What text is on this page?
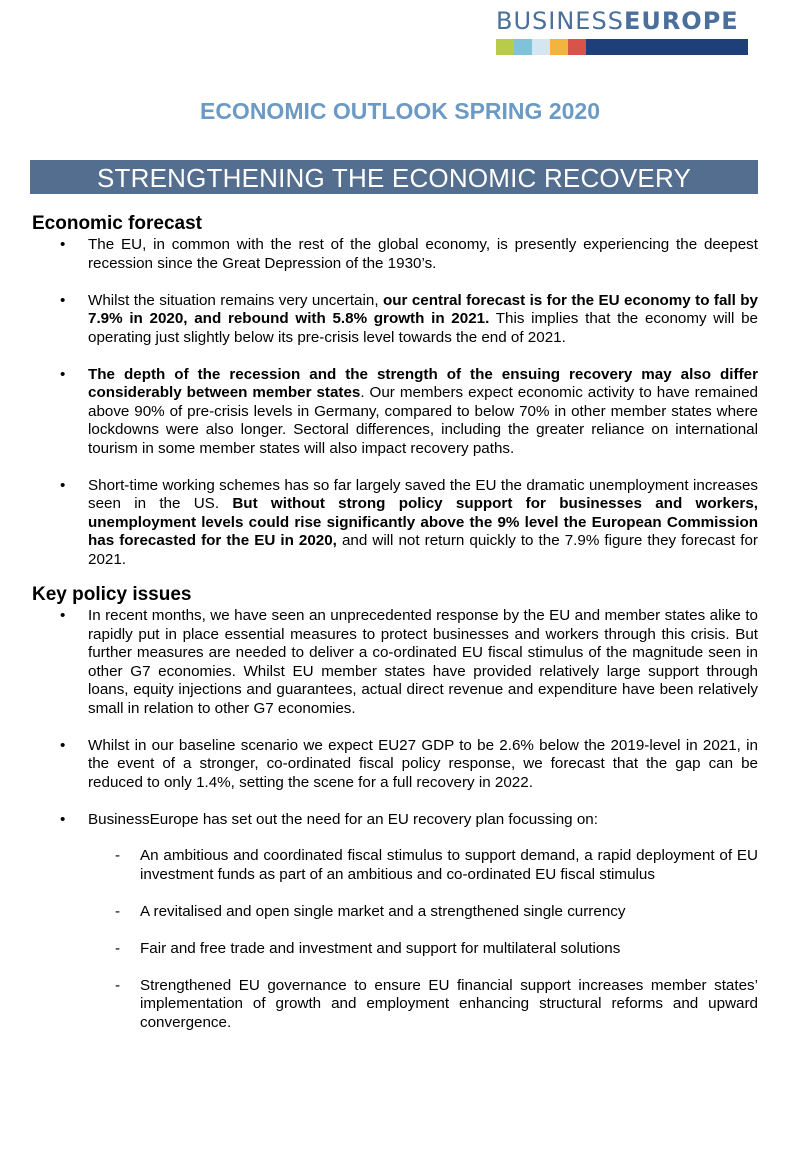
BUSINESSEUROPE
ECONOMIC OUTLOOK SPRING 2020
STRENGTHENING THE ECONOMIC RECOVERY
Economic forecast
• The EU, in common with the rest of the global economy, is presently experiencing the deepest recession since the Great Depression of the 1930’s.
• Whilst the situation remains very uncertain, our central forecast is for the EU economy to fall by 7.9% in 2020, and rebound with 5.8% growth in 2021. This implies that the economy will be operating just slightly below its pre-crisis level towards the end of 2021.
• The depth of the recession and the strength of the ensuing recovery may also differ considerably between member states. Our members expect economic activity to have remained above 90% of pre-crisis levels in Germany, compared to below 70% in other member states where lockdowns were also longer. Sectoral differences, including the greater reliance on international tourism in some member states will also impact recovery paths.
• Short-time working schemes has so far largely saved the EU the dramatic unemployment increases seen in the US. But without strong policy support for businesses and workers, unemployment levels could rise significantly above the 9% level the European Commission has forecasted for the EU in 2020, and will not return quickly to the 7.9% figure they forecast for 2021.
Key policy issues
• In recent months, we have seen an unprecedented response by the EU and member states alike to rapidly put in place essential measures to protect businesses and workers through this crisis. But further measures are needed to deliver a co-ordinated EU fiscal stimulus of the magnitude seen in other G7 economies. Whilst EU member states have provided relatively large support through loans, equity injections and guarantees, actual direct revenue and expenditure have been relatively small in relation to other G7 economies.
• Whilst in our baseline scenario we expect EU27 GDP to be 2.6% below the 2019-level in 2021, in the event of a stronger, co-ordinated fiscal policy response, we forecast that the gap can be reduced to only 1.4%, setting the scene for a full recovery in 2022.
• BusinessEurope has set out the need for an EU recovery plan focussing on:
- An ambitious and coordinated fiscal stimulus to support demand, a rapid deployment of EU investment funds as part of an ambitious and co-ordinated EU fiscal stimulus
- A revitalised and open single market and a strengthened single currency
- Fair and free trade and investment and support for multilateral solutions
- Strengthened EU governance to ensure EU financial support increases member states’ implementation of growth and employment enhancing structural reforms and upward convergence.
